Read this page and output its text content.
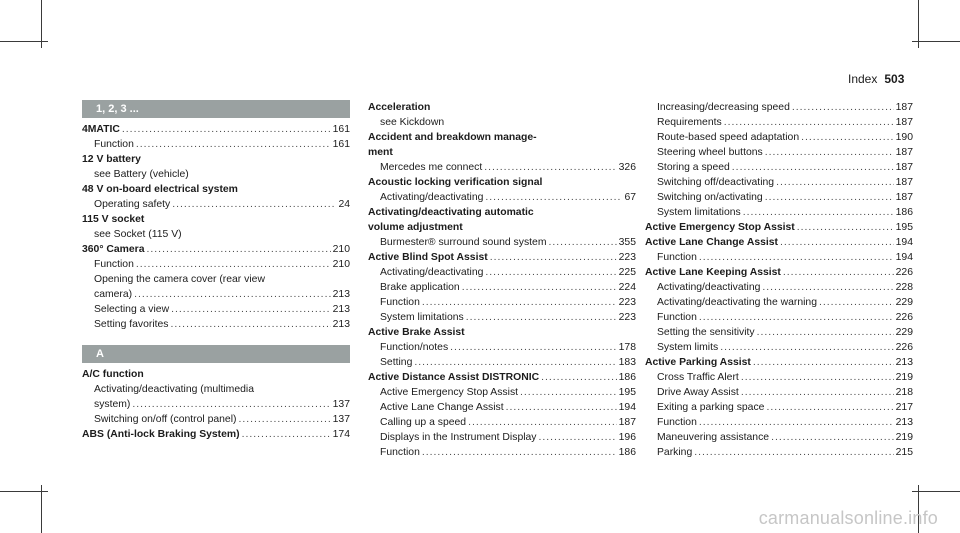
Index 503
1, 2, 3 ...
4MATIC .....	161
Function .....	161
12 V battery
see Battery (vehicle)
48 V on-board electrical system
Operating safety .....	24
115 V socket
see Socket (115 V)
360° Camera .....	210
Function .....	210
Opening the camera cover (rear view
camera) .....	213
Selecting a view .....	213
Setting favorites .....	213
A
A/C function
Activating/deactivating (multimedia
system) .....	137
Switching on/off (control panel) .....	137
ABS (Anti-lock Braking System) .....	174
Acceleration
see Kickdown
Accident and breakdown manage-
ment
Mercedes me connect .....	326
Acoustic locking verification signal
Activating/deactivating .....	67
Activating/deactivating automatic
volume adjustment
Burmester® surround sound system .....	355
Active Blind Spot Assist .....	223
Activating/deactivating .....	225
Brake application .....	224
Function .....	223
System limitations .....	223
Active Brake Assist
Function/notes .....	178
Setting .....	183
Active Distance Assist DISTRONIC .....	186
Active Emergency Stop Assist .....	195
Active Lane Change Assist .....	194
Calling up a speed .....	187
Displays in the Instrument Display .....	196
Function .....	186
Increasing/decreasing speed .....	187
Requirements .....	187
Route-based speed adaptation .....	190
Steering wheel buttons .....	187
Storing a speed .....	187
Switching off/deactivating .....	187
Switching on/activating .....	187
System limitations .....	186
Active Emergency Stop Assist .....	195
Active Lane Change Assist .....	194
Function .....	194
Active Lane Keeping Assist .....	226
Activating/deactivating .....	228
Activating/deactivating the warning .....	229
Function .....	226
Setting the sensitivity .....	229
System limits .....	226
Active Parking Assist .....	213
Cross Traffic Alert .....	219
Drive Away Assist .....	218
Exiting a parking space .....	217
Function .....	213
Maneuvering assistance .....	219
Parking .....	215
carmanualsonline.info
